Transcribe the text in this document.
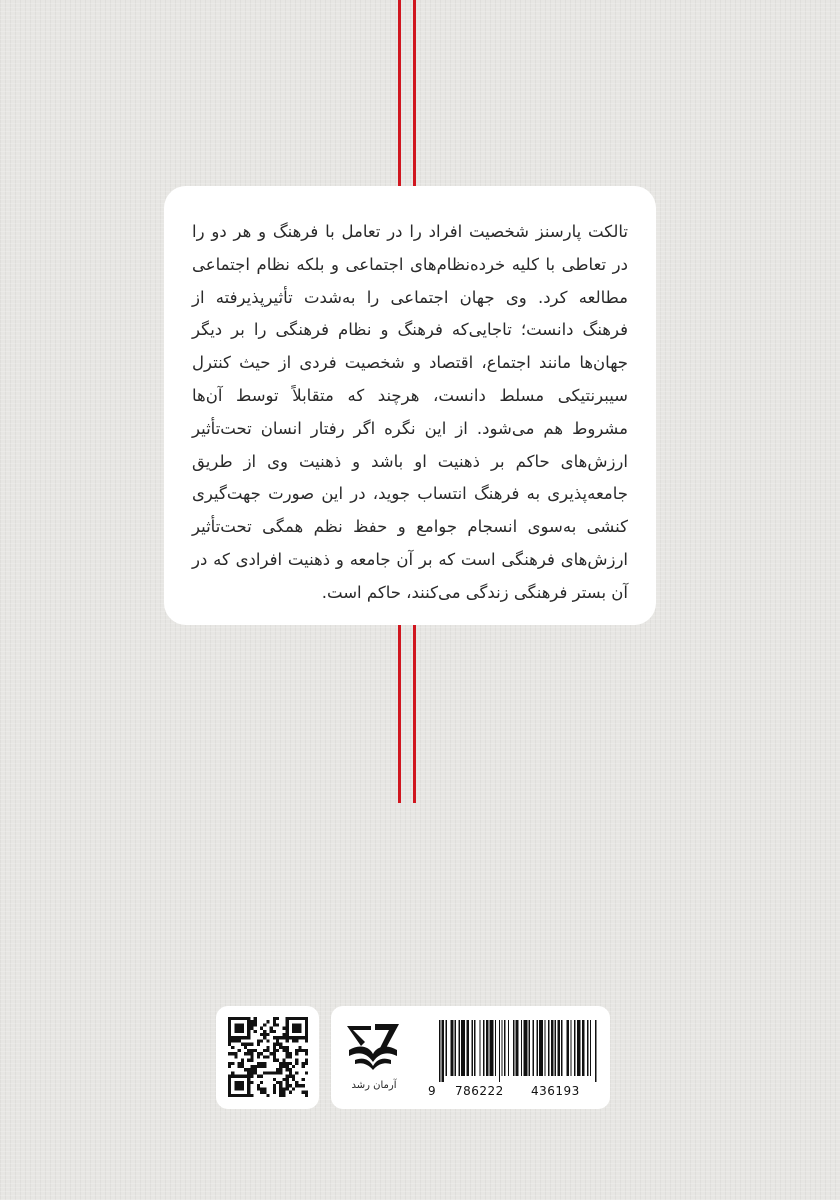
تالکت پارسنز شخصیت افراد را در تعامل با فرهنگ و هر دو را در تعاطی با کلیه خرده‌نظام‌های اجتماعی و بلکه نظام اجتماعی مطالعه کرد. وی جهان اجتماعی را به‌شدت تأثیرپذیرفته از فرهنگ دانست؛ تاجایی‌که فرهنگ و نظام فرهنگی را بر دیگر جهان‌ها مانند اجتماع، اقتصاد و شخصیت فردی از حیث کنترل سیبرنتیکی مسلط دانست، هرچند که متقابلاً توسط آن‌ها مشروط هم می‌شود. از این نگره اگر رفتار انسان تحت‌تأثیر ارزش‌های حاکم بر ذهنیت او باشد و ذهنیت وی از طریق جامعه‌پذیری به فرهنگ انتساب جوید، در این صورت جهت‌گیری کنشی به‌سوی انسجام جوامع و حفظ نظم همگی تحت‌تأثیر ارزش‌های فرهنگی است که بر آن جامعه و ذهنیت افرادی که در آن بستر فرهنگی زندگی می‌کنند، حاکم است.

آرمان رشد	9 786222 436193
